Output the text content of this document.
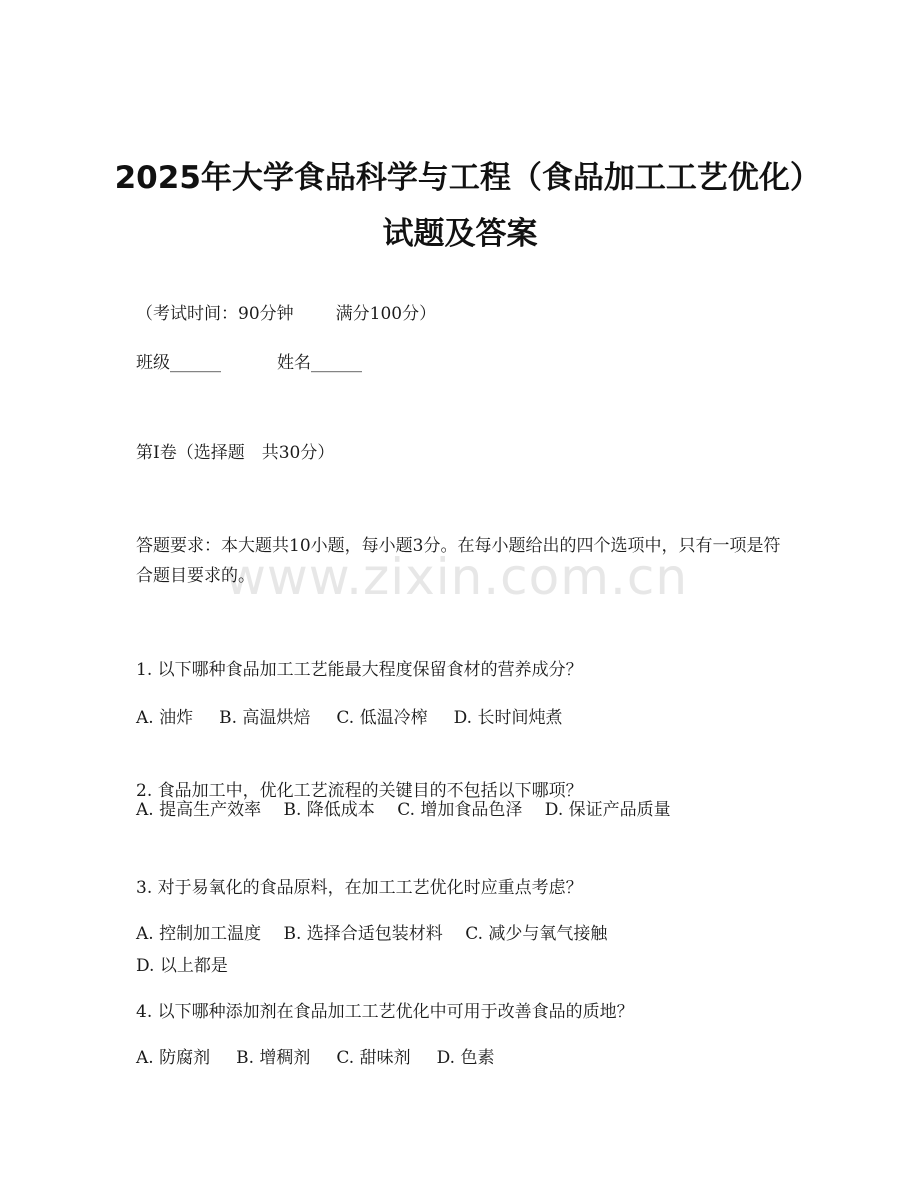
www.zixin.com.cn
2025年大学食品科学与工程（食品加工工艺优化）试题及答案
（考试时间：90分钟 满分100分）
班级______	姓名______
第I卷（选择题　共30分）
答题要求：本大题共10小题，每小题3分。在每小题给出的四个选项中，只有一项是符合题目要求的。
1. 以下哪种食品加工工艺能最大程度保留食材的营养成分？
A. 油炸 B. 高温烘焙 C. 低温冷榨 D. 长时间炖煮
2. 食品加工中，优化工艺流程的关键目的不包括以下哪项？
A. 提高生产效率　 B. 降低成本　 C. 增加食品色泽　 D. 保证产品质量
3. 对于易氧化的食品原料，在加工工艺优化时应重点考虑？
A. 控制加工温度　 B. 选择合适包装材料　 C. 减少与氧气接触
D. 以上都是
4. 以下哪种添加剂在食品加工工艺优化中可用于改善食品的质地？
A. 防腐剂 B. 增稠剂 C. 甜味剂 D. 色素
